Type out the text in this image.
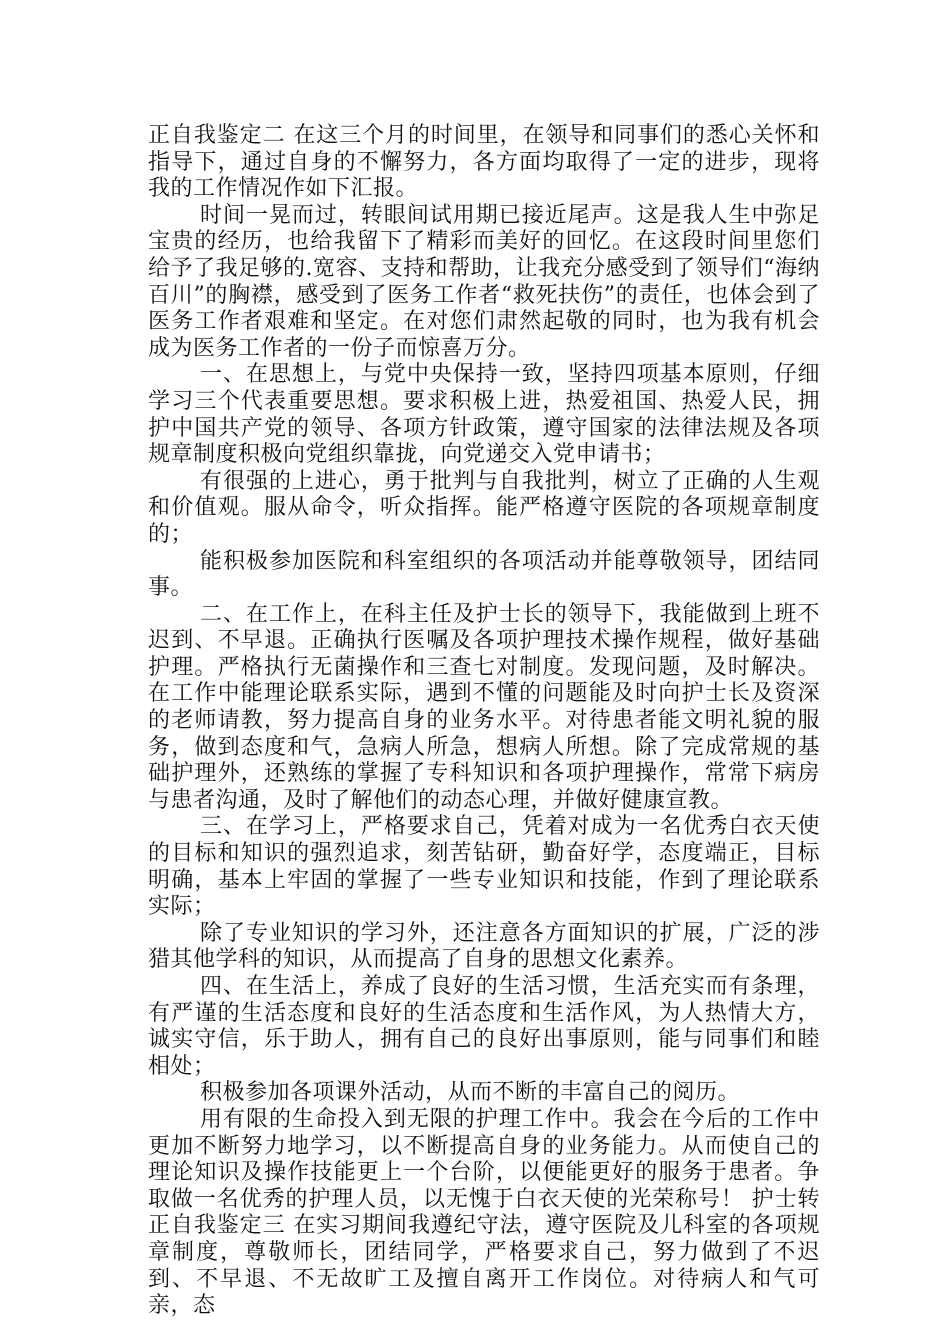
正自我鉴定二 在这三个月的时间里，在领导和同事们的悉心关怀和指导下，通过自身的不懈努力，各方面均取得了一定的进步，现将我的工作情况作如下汇报。

时间一晃而过，转眼间试用期已接近尾声。这是我人生中弥足宝贵的经历，也给我留下了精彩而美好的回忆。在这段时间里您们给予了我足够的.宽容、支持和帮助，让我充分感受到了领导们“海纳百川”的胸襟，感受到了医务工作者“救死扶伤”的责任，也体会到了医务工作者艰难和坚定。在对您们肃然起敬的同时，也为我有机会成为医务工作者的一份子而惊喜万分。

一、在思想上，与党中央保持一致，坚持四项基本原则，仔细学习三个代表重要思想。要求积极上进，热爱祖国、热爱人民，拥护中国共产党的领导、各项方针政策，遵守国家的法律法规及各项规章制度积极向党组织靠拢，向党递交入党申请书；

有很强的上进心，勇于批判与自我批判，树立了正确的人生观和价值观。服从命令，听众指挥。能严格遵守医院的各项规章制度的；

能积极参加医院和科室组织的各项活动并能尊敬领导，团结同事。

二、在工作上，在科主任及护士长的领导下，我能做到上班不迟到、不早退。正确执行医嘱及各项护理技术操作规程，做好基础护理。严格执行无菌操作和三查七对制度。发现问题，及时解决。在工作中能理论联系实际，遇到不懂的问题能及时向护士长及资深的老师请教，努力提高自身的业务水平。对待患者能文明礼貌的服务，做到态度和气，急病人所急，想病人所想。除了完成常规的基础护理外，还熟练的掌握了专科知识和各项护理操作，常常下病房与患者沟通，及时了解他们的动态心理，并做好健康宣教。

三、在学习上，严格要求自己，凭着对成为一名优秀白衣天使的目标和知识的强烈追求，刻苦钻研，勤奋好学，态度端正，目标明确，基本上牢固的掌握了一些专业知识和技能，作到了理论联系实际；

除了专业知识的学习外，还注意各方面知识的扩展，广泛的涉猎其他学科的知识，从而提高了自身的思想文化素养。

四、在生活上，养成了良好的生活习惯，生活充实而有条理，有严谨的生活态度和良好的生活态度和生活作风，为人热情大方，诚实守信，乐于助人，拥有自己的良好出事原则，能与同事们和睦相处；

积极参加各项课外活动，从而不断的丰富自己的阅历。

用有限的生命投入到无限的护理工作中。我会在今后的工作中更加不断努力地学习，以不断提高自身的业务能力。从而使自己的理论知识及操作技能更上一个台阶，以便能更好的服务于患者。争取做一名优秀的护理人员，以无愧于白衣天使的光荣称号！ 护士转正自我鉴定三 在实习期间我遵纪守法，遵守医院及儿科室的各项规章制度，尊敬师长，团结同学，严格要求自己，努力做到了不迟到、不早退、不无故旷工及擅自离开工作岗位。对待病人和气可亲，态
